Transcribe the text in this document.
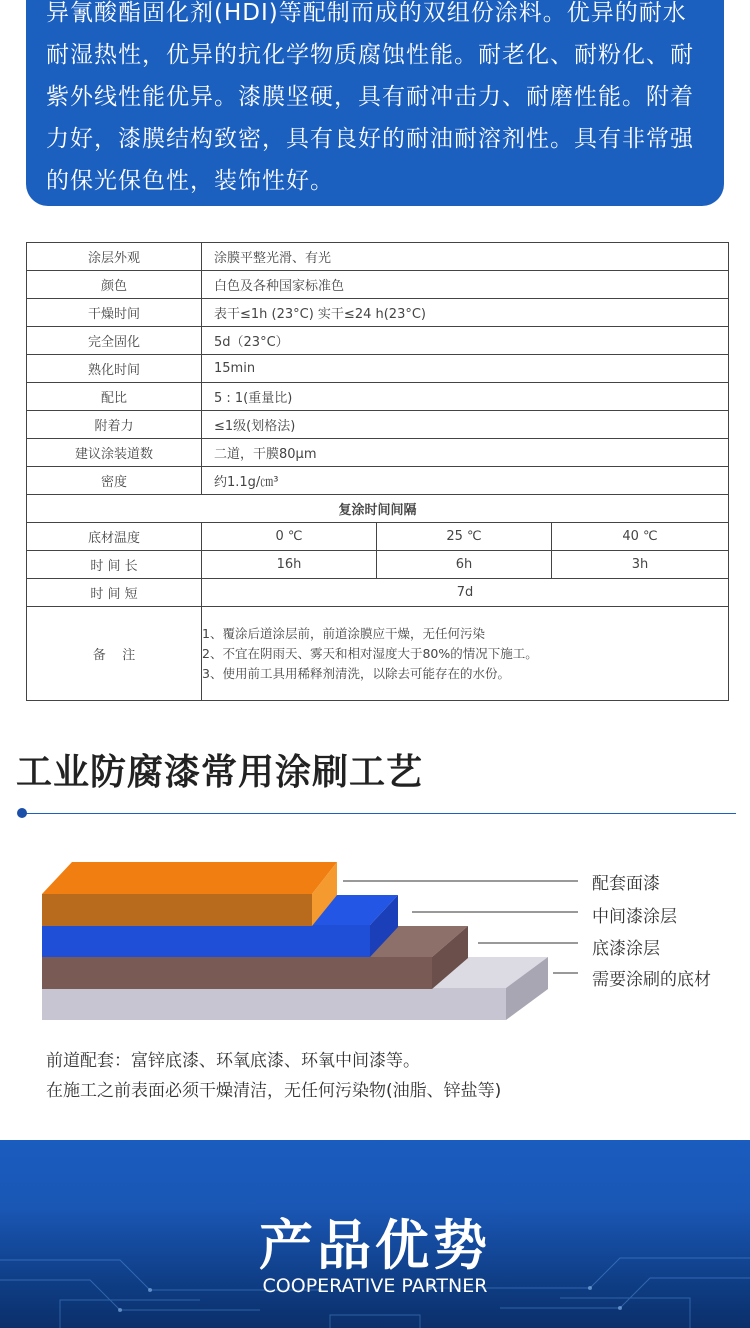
异氰酸酯固化剂(HDI)等配制而成的双组份涂料。优异的耐水耐湿热性，优异的抗化学物质腐蚀性能。耐老化、耐粉化、耐紫外线性能优异。漆膜坚硬，具有耐冲击力、耐磨性能。附着力好，漆膜结构致密，具有良好的耐油耐溶剂性。具有非常强的保光保色性，装饰性好。

涂层外观	涂膜平整光滑、有光		
颜色	白色及各种国家标准色		
干燥时间	表干≤1h (23°C) 实干≤24 h(23°C)		
完全固化	5d（23°C）		
熟化时间	15min		
配比	5 : 1(重量比)		
附着力	≤1级(划格法)		
建议涂装道数	二道，干膜80μm		
密度	约1.1g/㎝³		
复涂时间间隔			
底材温度	0 ℃	25 ℃	40 ℃
时 间 长	16h	6h	3h
时 间 短	7d		
备    注	1、覆涂后道涂层前，前道涂膜应干燥，无任何污染
2、不宜在阴雨天、雾天和相对湿度大于80%的情况下施工。
3、使用前工具用稀释剂清洗，以除去可能存在的水份。		
工业防腐漆常用涂刷工艺
配套面漆
中间漆涂层
底漆涂层
需要涂刷的底材
前道配套：富锌底漆、环氧底漆、环氧中间漆等。
在施工之前表面必须干燥清洁，无任何污染物(油脂、锌盐等)
产品优势
COOPERATIVE PARTNER
